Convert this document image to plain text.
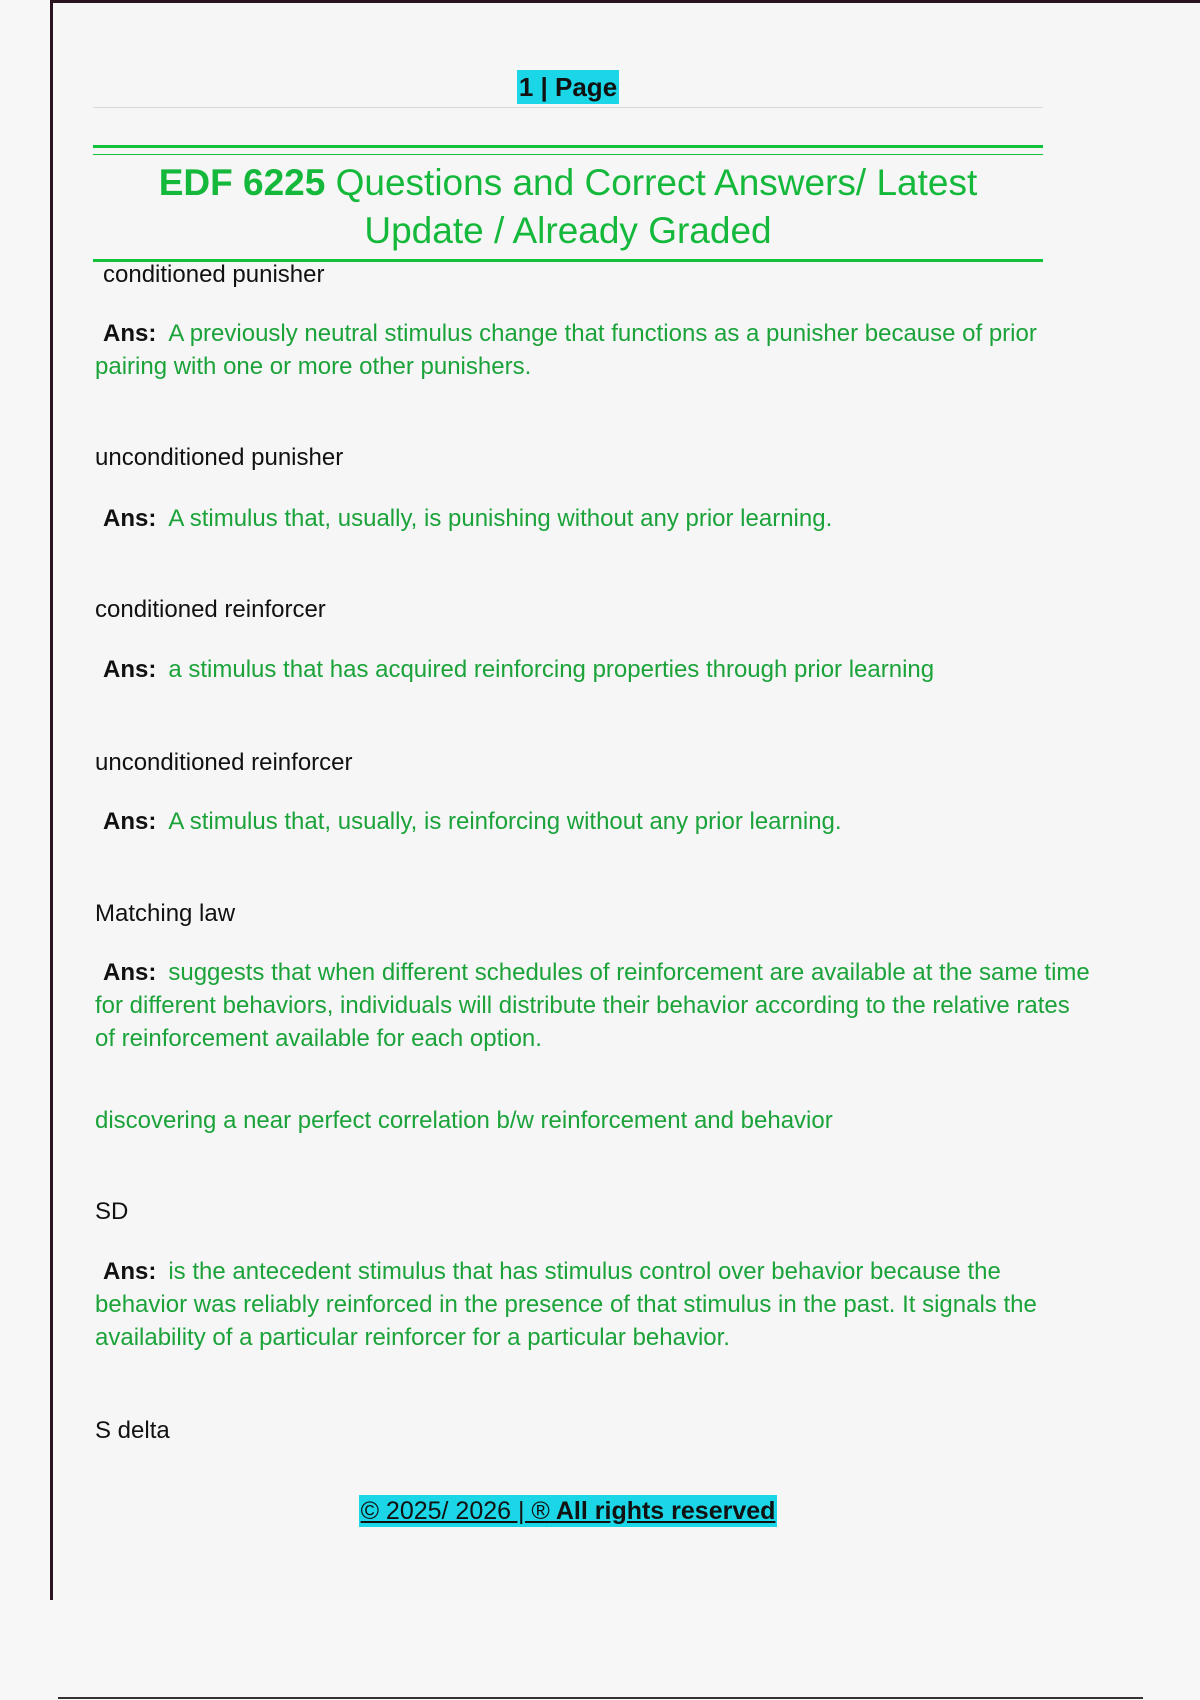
1 | Page
EDF 6225 Questions and Correct Answers/ Latest Update / Already Graded
conditioned punisher
Ans: A previously neutral stimulus change that functions as a punisher because of prior pairing with one or more other punishers.
unconditioned punisher
Ans: A stimulus that, usually, is punishing without any prior learning.
conditioned reinforcer
Ans: a stimulus that has acquired reinforcing properties through prior learning
unconditioned reinforcer
Ans: A stimulus that, usually, is reinforcing without any prior learning.
Matching law
Ans: suggests that when different schedules of reinforcement are available at the same time for different behaviors, individuals will distribute their behavior according to the relative rates of reinforcement available for each option.
discovering a near perfect correlation b/w reinforcement and behavior
SD
Ans: is the antecedent stimulus that has stimulus control over behavior because the behavior was reliably reinforced in the presence of that stimulus in the past. It signals the availability of a particular reinforcer for a particular behavior.
S delta
© 2025/ 2026 | ® All rights reserved
